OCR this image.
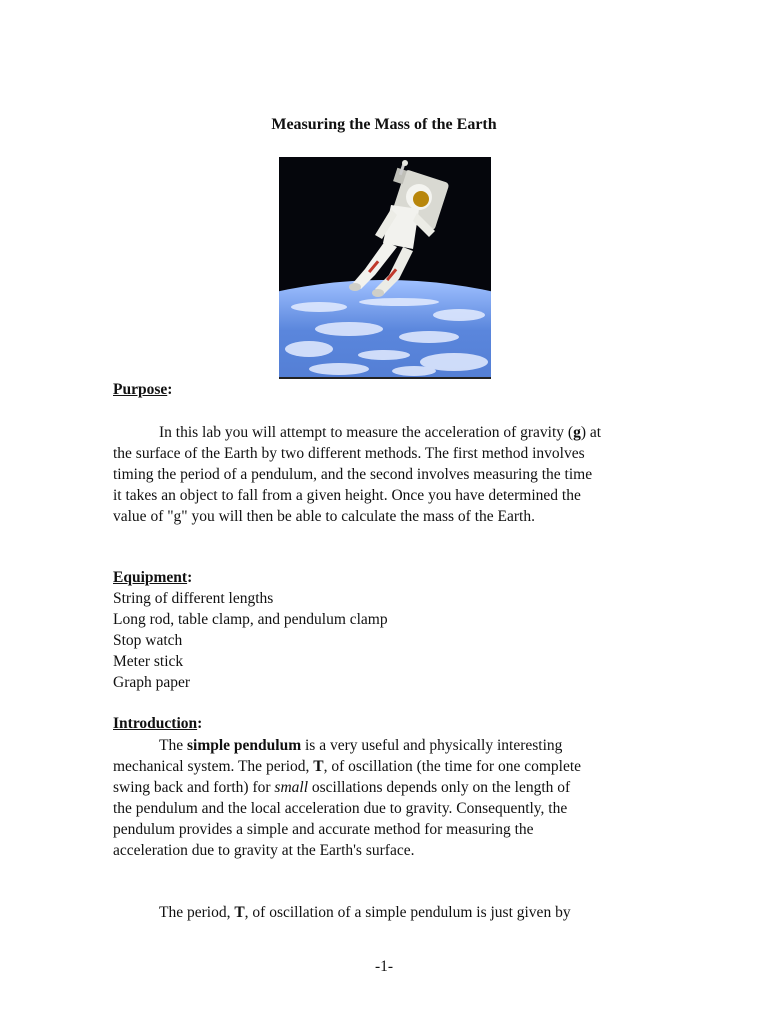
Measuring the Mass of the Earth
Purpose:
In this lab you will attempt to measure the acceleration of gravity (g) at
the surface of the Earth by two different methods. The first method involves
timing the period of a pendulum, and the second involves measuring the time
it takes an object to fall from a given height. Once you have determined the
value of "g" you will then be able to calculate the mass of the Earth.
Equipment:
String of different lengths
Long rod, table clamp, and pendulum clamp
Stop watch
Meter stick
Graph paper
Introduction:
The simple pendulum is a very useful and physically interesting
mechanical system. The period, T, of oscillation (the time for one complete
swing back and forth) for small oscillations depends only on the length of
the pendulum and the local acceleration due to gravity. Consequently, the
pendulum provides a simple and accurate method for measuring the
acceleration due to gravity at the Earth's surface.
The period, T, of oscillation of a simple pendulum is just given by
-1-
